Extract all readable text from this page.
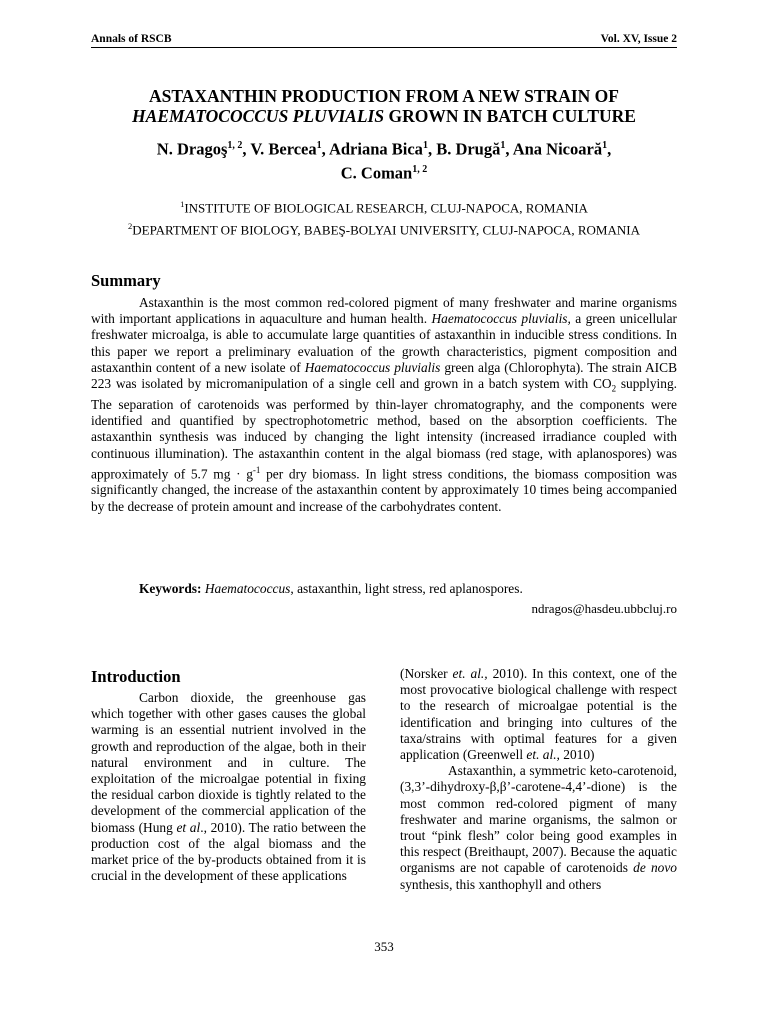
Annals of RSCB	Vol. XV, Issue 2

ASTAXANTHIN PRODUCTION FROM A NEW STRAIN OF

HAEMATOCOCCUS PLUVIALIS GROWN IN BATCH CULTURE

N. Dragoş$^{1, 2}$, V. Bercea$^1$, Adriana Bica$^1$, B. Drugă$^1$, Ana Nicoară$^1$,
C. Coman$^{1, 2}$
$^1$INSTITUTE OF BIOLOGICAL RESEARCH, CLUJ-NAPOCA, ROMANIA
$^2$DEPARTMENT OF BIOLOGY, BABEŞ-BOLYAI UNIVERSITY, CLUJ-NAPOCA, ROMANIA
Summary

Astaxanthin is the most common red-colored pigment of many freshwater and marine organisms with important applications in aquaculture and human health. Haematococcus pluvialis, a green unicellular freshwater microalga, is able to accumulate large quantities of astaxanthin in inducible stress conditions. In this paper we report a preliminary evaluation of the growth characteristics, pigment composition and astaxanthin content of a new isolate of Haematococcus pluvialis green alga (Chlorophyta). The strain AICB 223 was isolated by micromanipulation of a single cell and grown in a batch system with $CO_2$ supplying. The separation of carotenoids was performed by thin-layer chromatography, and the components were identified and quantified by spectrophotometric method, based on the absorption coefficients. The astaxanthin synthesis was induced by changing the light intensity (increased irradiance coupled with continuous illumination). The astaxanthin content in the algal biomass (red stage, with aplanospores) was approximately of 5.7 mg · $g^{-1}$ per dry biomass. In light stress conditions, the biomass composition was significantly changed, the increase of the astaxanthin content by approximately 10 times being accompanied by the decrease of protein amount and increase of the carbohydrates content.

Keywords: Haematococcus, astaxanthin, light stress, red aplanospores.
ndragos@hasdeu.ubbcluj.ro
Introduction

Carbon dioxide, the greenhouse gas which together with other gases causes the global warming is an essential nutrient involved in the growth and reproduction of the algae, both in their natural environment and in culture. The exploitation of the microalgae potential in fixing the residual carbon dioxide is tightly related to the development of the commercial application of the biomass (Hung et al., 2010). The ratio between the production cost of the algal biomass and the market price of the by-products obtained from it is crucial in the development of these applications

(Norsker et. al., 2010). In this context, one of the most provocative biological challenge with respect to the research of microalgae potential is the identification and bringing into cultures of the taxa/strains with optimal features for a given application (Greenwell et. al., 2010)

Astaxanthin, a symmetric keto-carotenoid, (3,3’-dihydroxy-β,β’-carotene-4,4’-dione) is the most common red-colored pigment of many freshwater and marine organisms, the salmon or trout “pink flesh” color being good examples in this respect (Breithaupt, 2007). Because the aquatic organisms are not capable of carotenoids de novo synthesis, this xanthophyll and others

353
